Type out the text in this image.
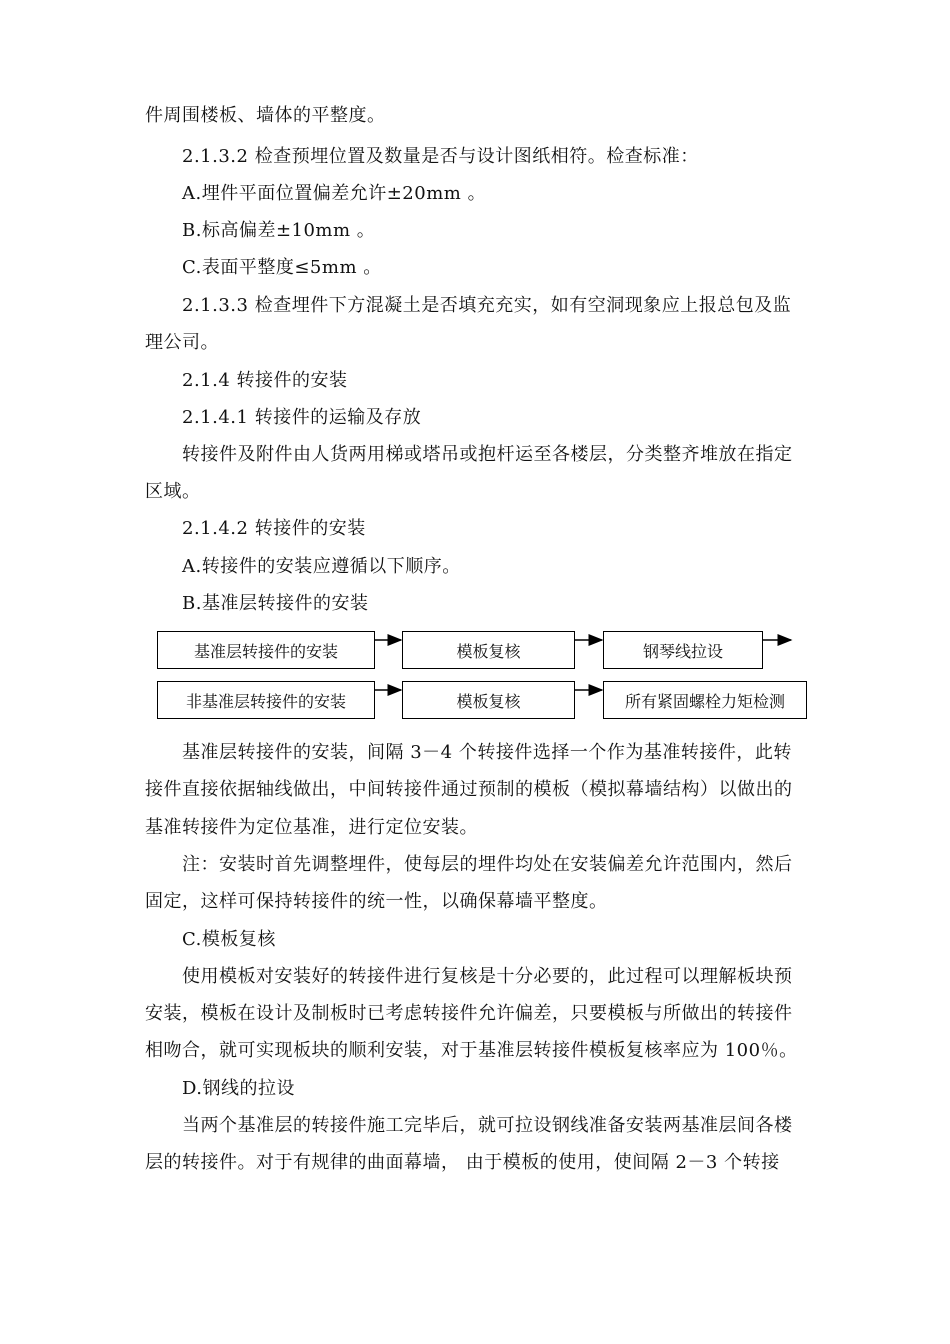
件周围楼板、墙体的平整度。
2.1.3.2 检查预埋位置及数量是否与设计图纸相符。检查标准：
A.埋件平面位置偏差允许±20mm 。
B.标高偏差±10mm 。
C.表面平整度≤5mm 。
2.1.3.3 检查埋件下方混凝土是否填充充实，如有空洞现象应上报总包及监
理公司。
2.1.4 转接件的安装
2.1.4.1 转接件的运输及存放
转接件及附件由人货两用梯或塔吊或抱杆运至各楼层，分类整齐堆放在指定
区域。
2.1.4.2 转接件的安装
A.转接件的安装应遵循以下顺序。
B.基准层转接件的安装
基准层转接件的安装	模板复核	钢琴线拉设
非基准层转接件的安装	模板复核	所有紧固螺栓力矩检测
基准层转接件的安装，间隔 3－4 个转接件选择一个作为基准转接件，此转
接件直接依据轴线做出，中间转接件通过预制的模板（模拟幕墙结构）以做出的
基准转接件为定位基准，进行定位安装。
注：安装时首先调整埋件，使每层的埋件均处在安装偏差允许范围内，然后
固定，这样可保持转接件的统一性，以确保幕墙平整度。
C.模板复核
使用模板对安装好的转接件进行复核是十分必要的，此过程可以理解板块预
安装，模板在设计及制板时已考虑转接件允许偏差，只要模板与所做出的转接件
相吻合，就可实现板块的顺利安装，对于基准层转接件模板复核率应为 100％。
D.钢线的拉设
当两个基准层的转接件施工完毕后，就可拉设钢线准备安装两基准层间各楼
层的转接件。对于有规律的曲面幕墙， 由于模板的使用，使间隔 2－3 个转接
